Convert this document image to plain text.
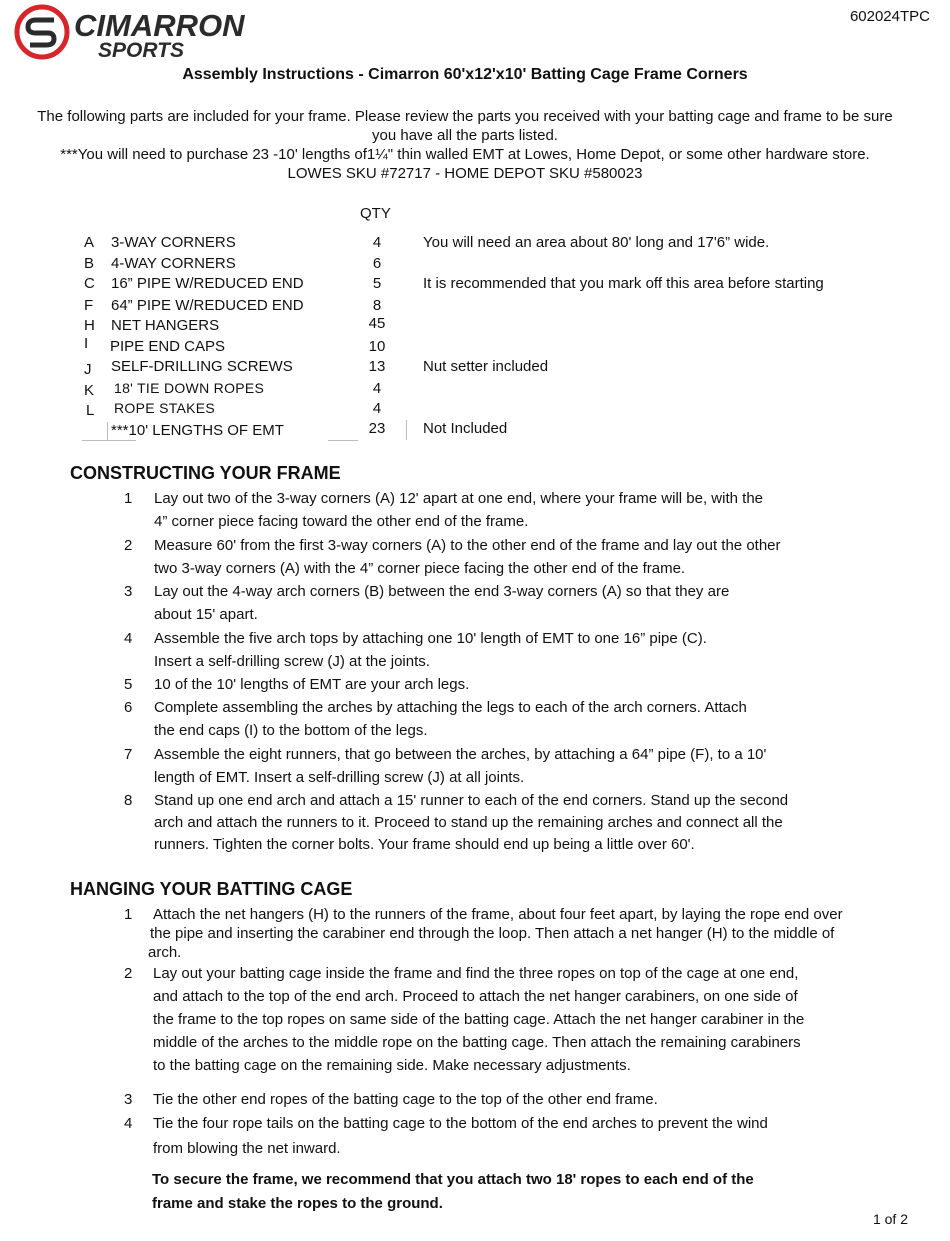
CIMARRON
SPORTS
602024TPC
Assembly Instructions - Cimarron 60'x12'x10' Batting Cage Frame Corners
The following parts are included for your frame. Please review the parts you received with your batting cage and frame to be sure
you have all the parts listed.
***You will need to purchase 23 -10' lengths of1¼" thin walled EMT at Lowes, Home Depot, or some other hardware store.
LOWES SKU #72717 - HOME DEPOT SKU #580023
QTY
A	3-WAY CORNERS	4	You will need an area about 80' long and 17'6” wide.
B	4-WAY CORNERS	6
C	16” PIPE W/REDUCED END	5	It is recommended that you mark off this area before starting
F	64” PIPE W/REDUCED END	8
H	NET HANGERS	45
I	PIPE END CAPS	10
J	SELF-DRILLING SCREWS	13	Nut setter included
K	18' TIE DOWN ROPES	4
L	ROPE STAKES	4
***10' LENGTHS OF EMT	23	Not Included
CONSTRUCTING YOUR FRAME
1 Lay out two of the 3-way corners (A) 12' apart at one end, where your frame will be, with the
4” corner piece facing toward the other end of the frame.
2 Measure 60' from the first 3-way corners (A) to the other end of the frame and lay out the other
two 3-way corners (A) with the 4” corner piece facing the other end of the frame.
3 Lay out the 4-way arch corners (B) between the end 3-way corners (A) so that they are
about 15' apart.
4 Assemble the five arch tops by attaching one 10' length of EMT to one 16” pipe (C).
Insert a self-drilling screw (J) at the joints.
5 10 of the 10' lengths of EMT are your arch legs.
6 Complete assembling the arches by attaching the legs to each of the arch corners. Attach
the end caps (I) to the bottom of the legs.
7 Assemble the eight runners, that go between the arches, by attaching a 64” pipe (F), to a 10'
length of EMT. Insert a self-drilling screw (J) at all joints.
8 Stand up one end arch and attach a 15' runner to each of the end corners. Stand up the second
arch and attach the runners to it. Proceed to stand up the remaining arches and connect all the
runners. Tighten the corner bolts. Your frame should end up being a little over 60'.
HANGING YOUR BATTING CAGE
1 Attach the net hangers (H) to the runners of the frame, about four feet apart, by laying the rope end over
the pipe and inserting the carabiner end through the loop. Then attach a net hanger (H) to the middle of
arch.
2 Lay out your batting cage inside the frame and find the three ropes on top of the cage at one end,
and attach to the top of the end arch. Proceed to attach the net hanger carabiners, on one side of
the frame to the top ropes on same side of the batting cage. Attach the net hanger carabiner in the
middle of the arches to the middle rope on the batting cage. Then attach the remaining carabiners
to the batting cage on the remaining side. Make necessary adjustments.
3 Tie the other end ropes of the batting cage to the top of the other end frame.
4 Tie the four rope tails on the batting cage to the bottom of the end arches to prevent the wind
from blowing the net inward.
To secure the frame, we recommend that you attach two 18' ropes to each end of the
frame and stake the ropes to the ground.
1 of 2
